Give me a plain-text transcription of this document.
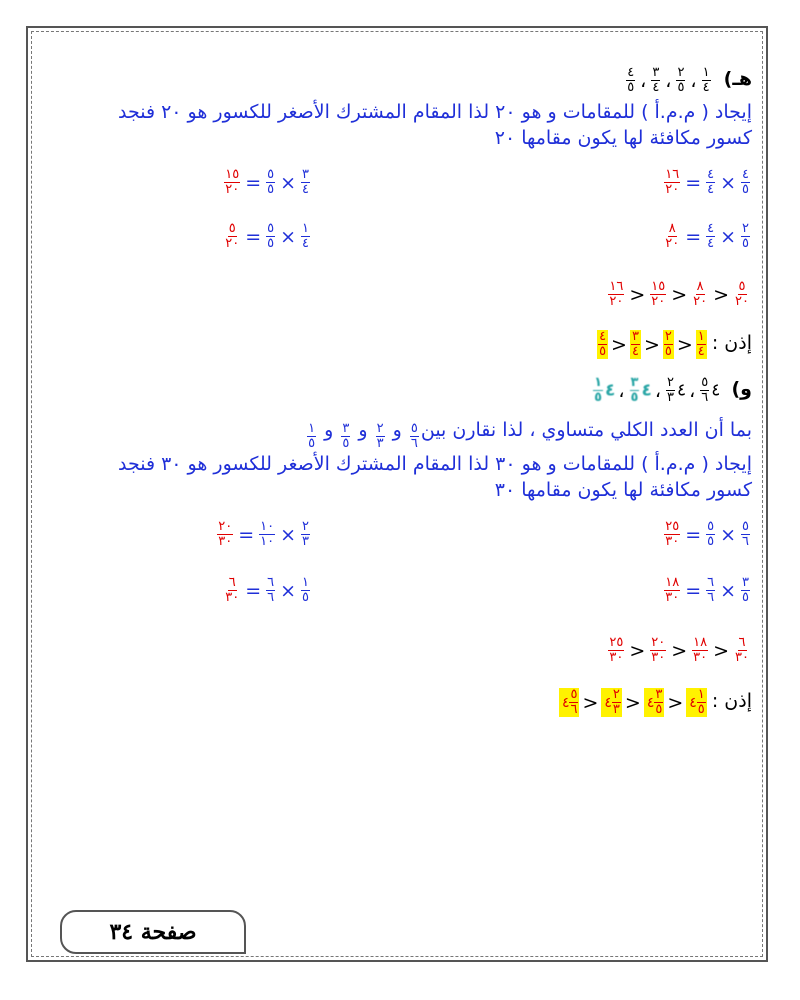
هـ)
$\frac{١}{٤}$
،
$\frac{٢}{٥}$
،
$\frac{٣}{٤}$
،
$\frac{٤}{٥}$
إيجاد ( م.م.أ ) للمقامات و هو ٢٠ لذا المقام المشترك الأصغر للكسور هو ٢٠ فنجد
كسور مكافئة لها يكون مقامها ٢٠
$\frac{٤}{٥}$
×
$\frac{٤}{٤}$
=
$\frac{١٦}{٢٠}$
$\frac{٣}{٤}$
×
$\frac{٥}{٥}$
=
$\frac{١٥}{٢٠}$
$\frac{٢}{٥}$
×
$\frac{٤}{٤}$
=
$\frac{٨}{٢٠}$
$\frac{١}{٤}$
×
$\frac{٥}{٥}$
=
$\frac{٥}{٢٠}$
$\frac{١٦}{٢٠} > \frac{١٥}{٢٠} > \frac{٨}{٢٠} > \frac{٥}{٢٠}$
إذن :
$\frac{٤}{٥} > \frac{٣}{٤} > \frac{٢}{٥} > \frac{١}{٤}$
و) ٤
$\frac{٥}{٦}$
،٤
$\frac{٢}{٣}$
،٤
$\frac{٣}{٥}$
،٤
$\frac{١}{٥}$
بما أن العدد الكلي متساوي ، لذا نقارن بين
$\frac{٥}{٦}$
و
$\frac{٢}{٣}$
و
$\frac{٣}{٥}$
و
$\frac{١}{٥}$
إيجاد ( م.م.أ ) للمقامات و هو ٣٠ لذا المقام المشترك الأصغر للكسور هو ٣٠ فنجد
كسور مكافئة لها يكون مقامها ٣٠
$\frac{٥}{٦}$
×
$\frac{٥}{٥}$
=
$\frac{٢٥}{٣٠}$
$\frac{٢}{٣}$
×
$\frac{١٠}{١٠}$
=
$\frac{٢٠}{٣٠}$
$\frac{٣}{٥}$
×
$\frac{٦}{٦}$
=
$\frac{١٨}{٣٠}$
$\frac{١}{٥}$
×
$\frac{٦}{٦}$
=
$\frac{٦}{٣٠}$
$\frac{٢٥}{٣٠} > \frac{٢٠}{٣٠} > \frac{١٨}{٣٠} > \frac{٦}{٣٠}$
إذن :
٤ $\frac{٥}{٦}$ > ٤ $\frac{٢}{٣}$ > ٤ $\frac{٣}{٥}$ > ٤ $\frac{١}{٥}$
صفحة ٣٤
